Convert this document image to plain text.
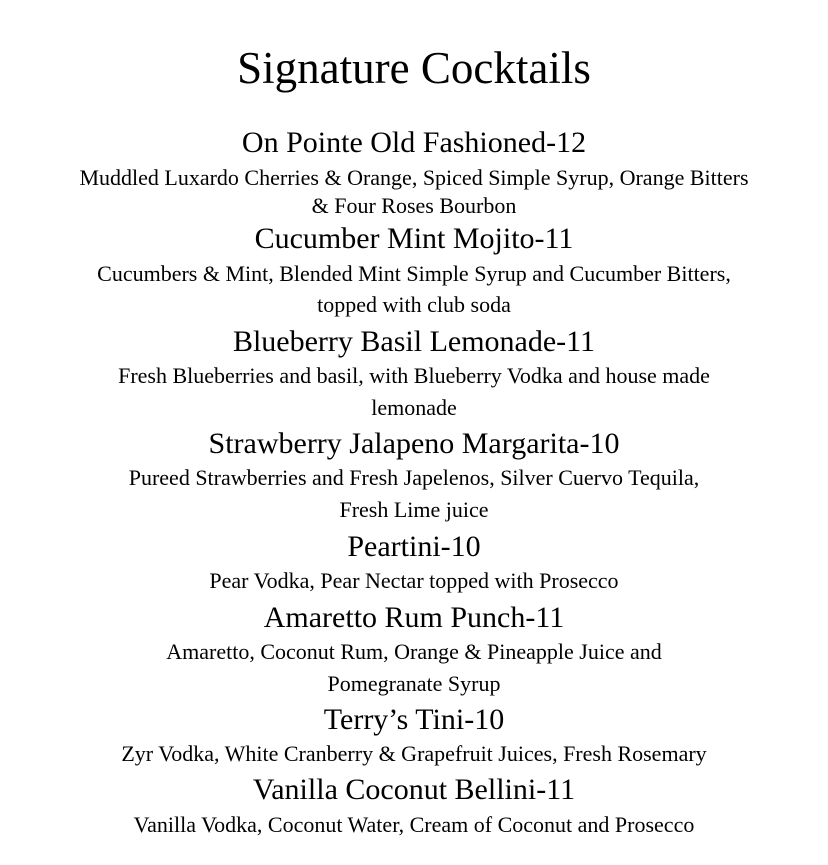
Signature Cocktails
On Pointe Old Fashioned-12
Muddled Luxardo Cherries & Orange, Spiced Simple Syrup, Orange Bitters
& Four Roses Bourbon
Cucumber Mint Mojito-11
Cucumbers & Mint, Blended Mint Simple Syrup and Cucumber Bitters,
topped with club soda
Blueberry Basil Lemonade-11
Fresh Blueberries and basil, with Blueberry Vodka and house made
lemonade
Strawberry Jalapeno Margarita-10
Pureed Strawberries and Fresh Japelenos, Silver Cuervo Tequila,
Fresh Lime juice
Peartini-10
Pear Vodka, Pear Nectar topped with Prosecco
Amaretto Rum Punch-11
Amaretto, Coconut Rum, Orange & Pineapple Juice and
Pomegranate Syrup
Terry’s Tini-10
Zyr Vodka, White Cranberry & Grapefruit Juices, Fresh Rosemary
Vanilla Coconut Bellini-11
Vanilla Vodka, Coconut Water, Cream of Coconut and Prosecco
